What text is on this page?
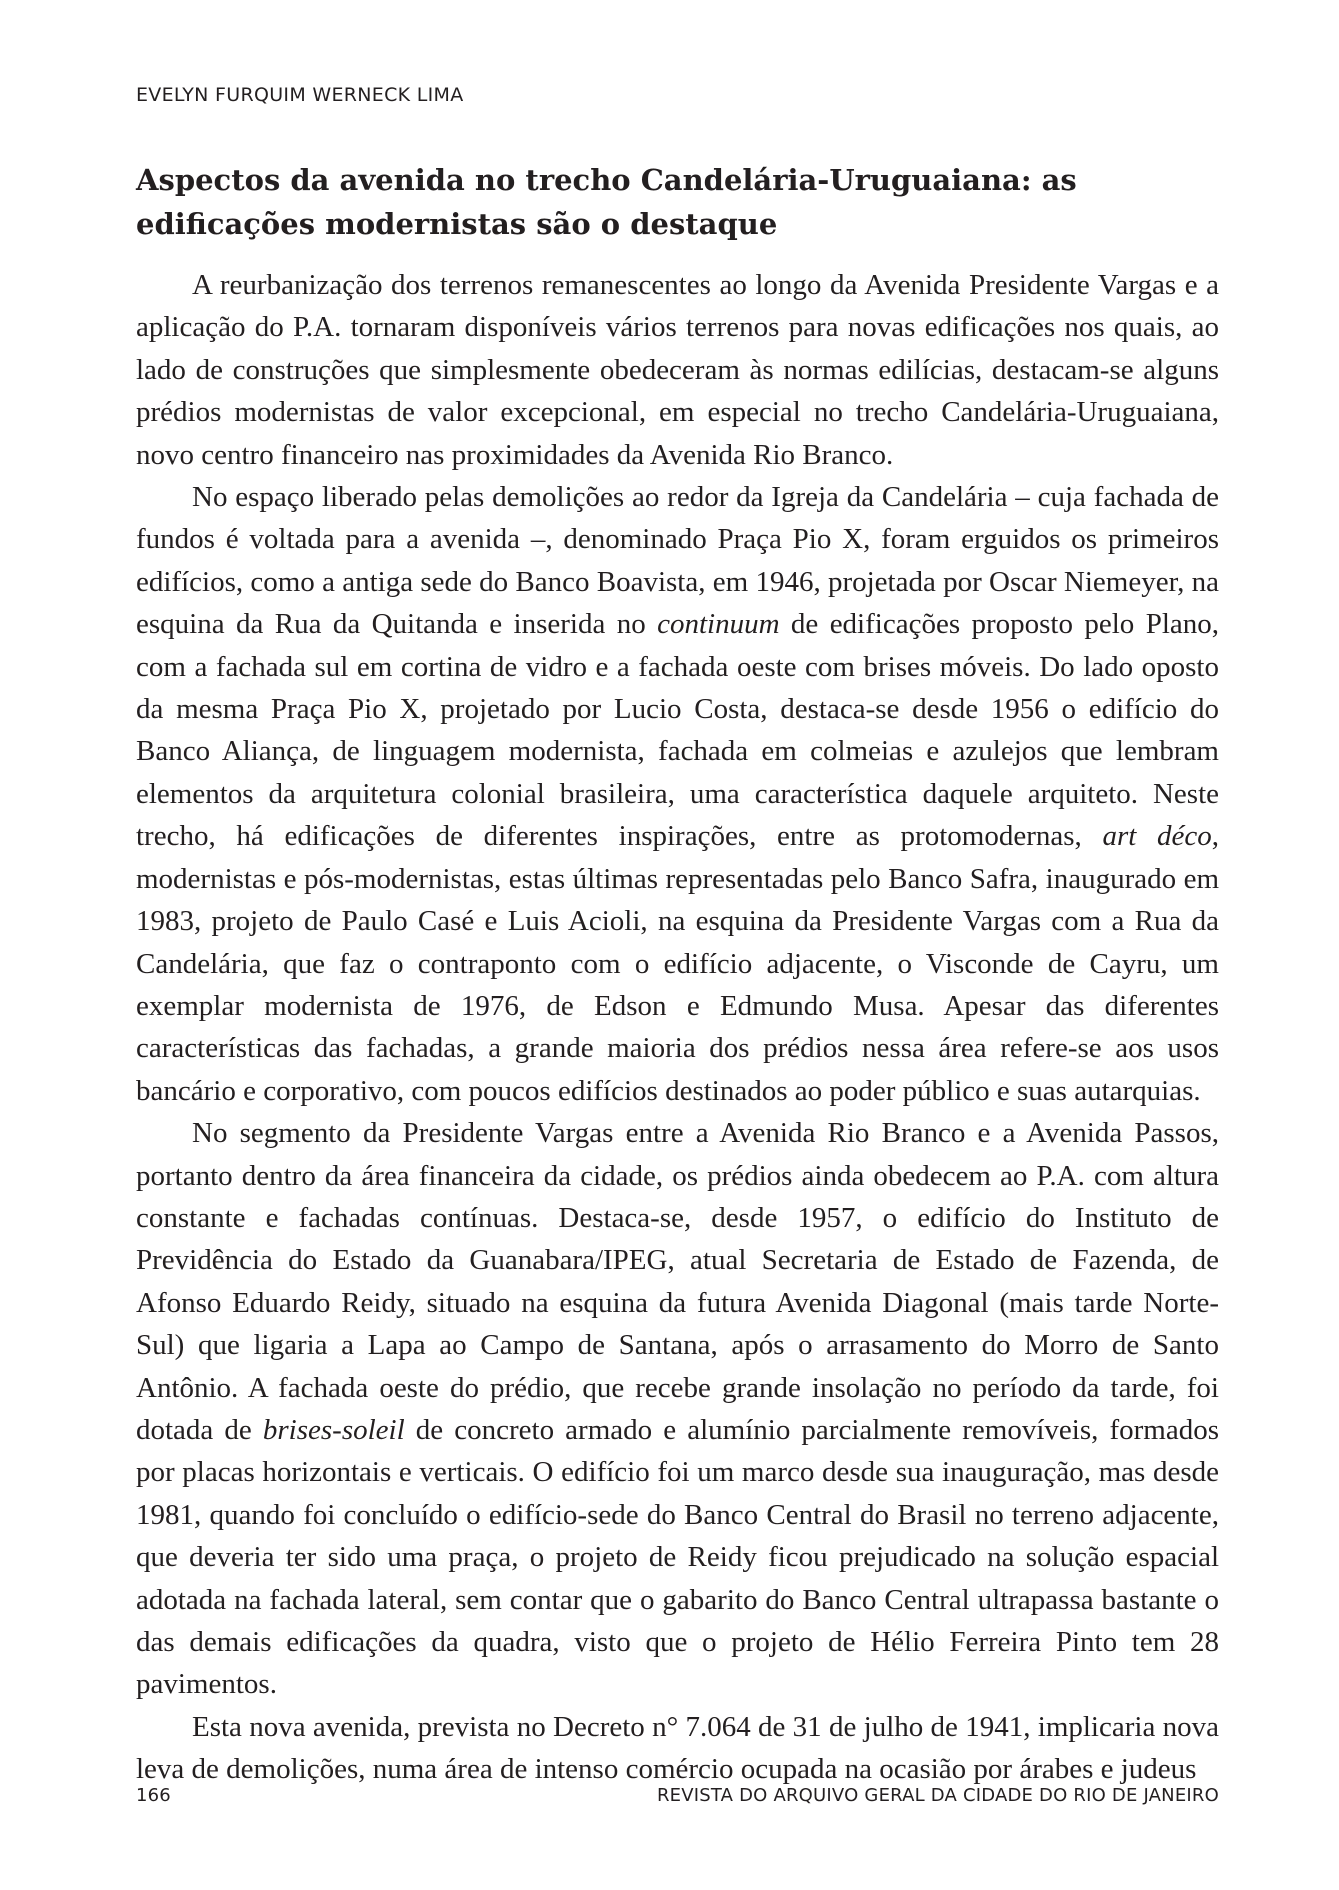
EVELYN FURQUIM WERNECK LIMA
Aspectos da avenida no trecho Candelária-Uruguaiana: as edificações modernistas são o destaque

A reurbanização dos terrenos remanescentes ao longo da Avenida Presidente Vargas e a aplicação do P.A. tornaram disponíveis vários terrenos para novas edificações nos quais, ao lado de construções que simplesmente obedeceram às normas edilícias, destacam-se alguns prédios modernistas de valor excepcional, em especial no trecho Candelária-Uruguaiana, novo centro financeiro nas proximidades da Avenida Rio Branco.

No espaço liberado pelas demolições ao redor da Igreja da Candelária – cuja fachada de fundos é voltada para a avenida –, denominado Praça Pio X, foram erguidos os primeiros edifícios, como a antiga sede do Banco Boavista, em 1946, projetada por Oscar Niemeyer, na esquina da Rua da Quitanda e inserida no continuum de edificações proposto pelo Plano, com a fachada sul em cortina de vidro e a fachada oeste com brises móveis. Do lado oposto da mesma Praça Pio X, projetado por Lucio Costa, destaca-se desde 1956 o edifício do Banco Aliança, de linguagem modernista, fachada em colmeias e azulejos que lembram elementos da arquitetura colonial brasileira, uma característica daquele arquiteto. Neste trecho, há edificações de diferentes inspirações, entre as protomodernas, art déco, modernistas e pós-modernistas, estas últimas representadas pelo Banco Safra, inaugurado em 1983, projeto de Paulo Casé e Luis Acioli, na esquina da Presidente Vargas com a Rua da Candelária, que faz o contraponto com o edifício adjacente, o Visconde de Cayru, um exemplar modernista de 1976, de Edson e Edmundo Musa. Apesar das diferentes características das fachadas, a grande maioria dos prédios nessa área refere-se aos usos bancário e corporativo, com poucos edifícios destinados ao poder público e suas autarquias.

No segmento da Presidente Vargas entre a Avenida Rio Branco e a Avenida Passos, portanto dentro da área financeira da cidade, os prédios ainda obedecem ao P.A. com altura constante e fachadas contínuas. Destaca-se, desde 1957, o edifício do Instituto de Previdência do Estado da Guanabara/IPEG, atual Secretaria de Estado de Fazenda, de Afonso Eduardo Reidy, situado na esquina da futura Avenida Diagonal (mais tarde Norte-Sul) que ligaria a Lapa ao Campo de Santana, após o arrasamento do Morro de Santo Antônio. A fachada oeste do prédio, que recebe grande insolação no período da tarde, foi dotada de brises-soleil de concreto armado e alumínio parcialmente removíveis, formados por placas horizontais e verticais. O edifício foi um marco desde sua inauguração, mas desde 1981, quando foi concluído o edifício-sede do Banco Central do Brasil no terreno adjacente, que deveria ter sido uma praça, o projeto de Reidy ficou prejudicado na solução espacial adotada na fachada lateral, sem contar que o gabarito do Banco Central ultrapassa bastante o das demais edificações da quadra, visto que o projeto de Hélio Ferreira Pinto tem 28 pavimentos.

Esta nova avenida, prevista no Decreto n° 7.064 de 31 de julho de 1941, implicaria nova leva de demolições, numa área de intenso comércio ocupada na ocasião por árabes e judeus

166	REVISTA DO ARQUIVO GERAL DA CIDADE DO RIO DE JANEIRO
